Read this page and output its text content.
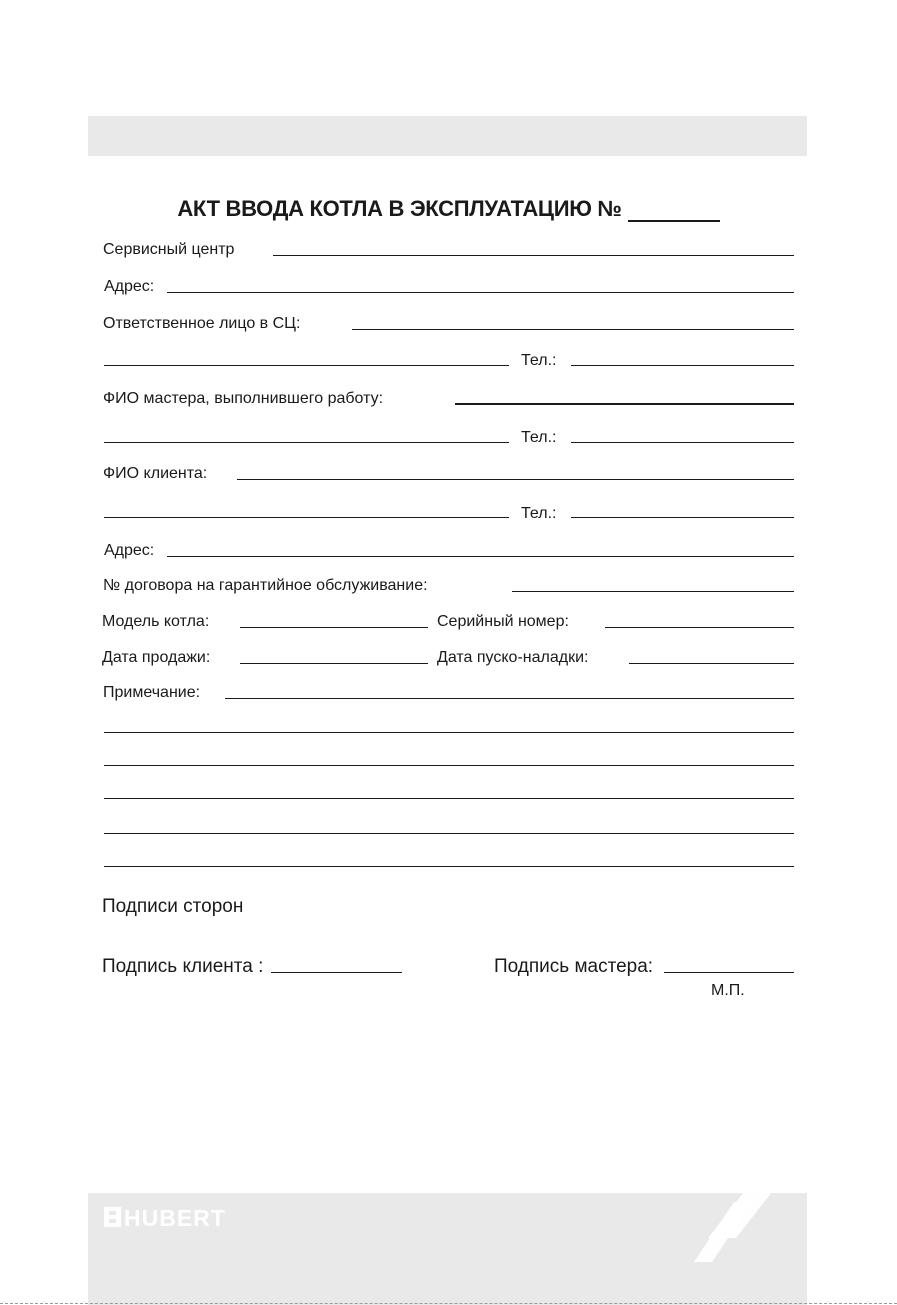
АКТ ВВОДА КОТЛА В ЭКСПЛУАТАЦИЮ №
Сервисный центр
Адрес:
Ответственное лицо в СЦ:
Тел.:
ФИО мастера, выполнившего работу:
Тел.:
ФИО клиента:
Тел.:
Адрес:
№ договора на гарантийное обслуживание:
Модель котла:	Серийный номер:
Дата продажи:	Дата пуско-наладки:
Примечание:
Подписи сторон
Подпись клиента :	Подпись мастера:
М.П.
HUBERT
